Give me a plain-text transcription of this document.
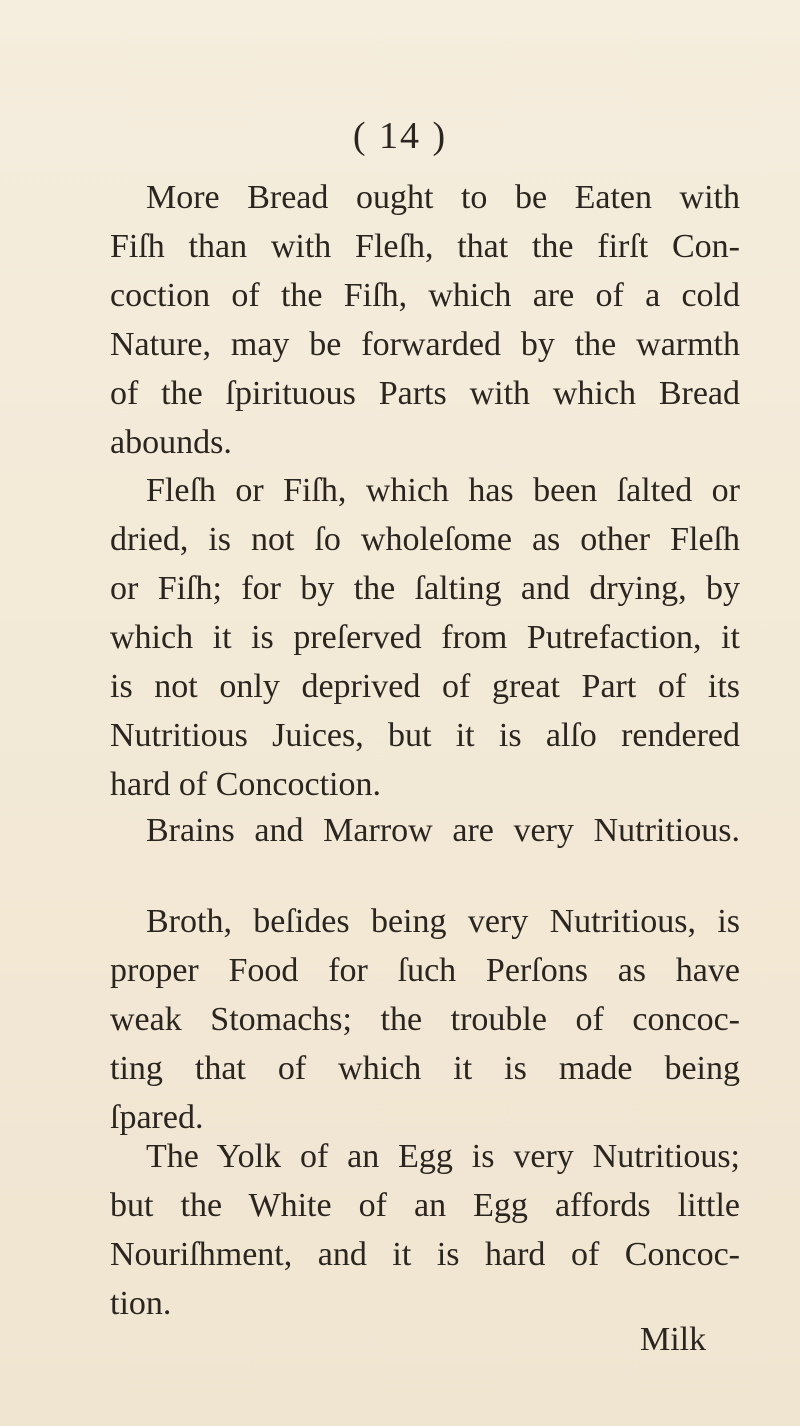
( 14 )
More Bread ought to be Eaten with
Fiſh than with Fleſh, that the firſt Con-
coction of the Fiſh, which are of a cold
Nature, may be forwarded by the warmth
of the ſpirituous Parts with which Bread
abounds.
Fleſh or Fiſh, which has been ſalted or
dried, is not ſo wholeſome as other Fleſh
or Fiſh; for by the ſalting and drying, by
which it is preſerved from Putrefaction, it
is not only deprived of great Part of its
Nutritious Juices, but it is alſo rendered
hard of Concoction.
Brains and Marrow are very Nutritious.
Broth, beſides being very Nutritious, is
proper Food for ſuch Perſons as have
weak Stomachs; the trouble of concoc-
ting that of which it is made being
ſpared.
The Yolk of an Egg is very Nutritious;
but the White of an Egg affords little
Nouriſhment, and it is hard of Concoc-
tion.
Milk
